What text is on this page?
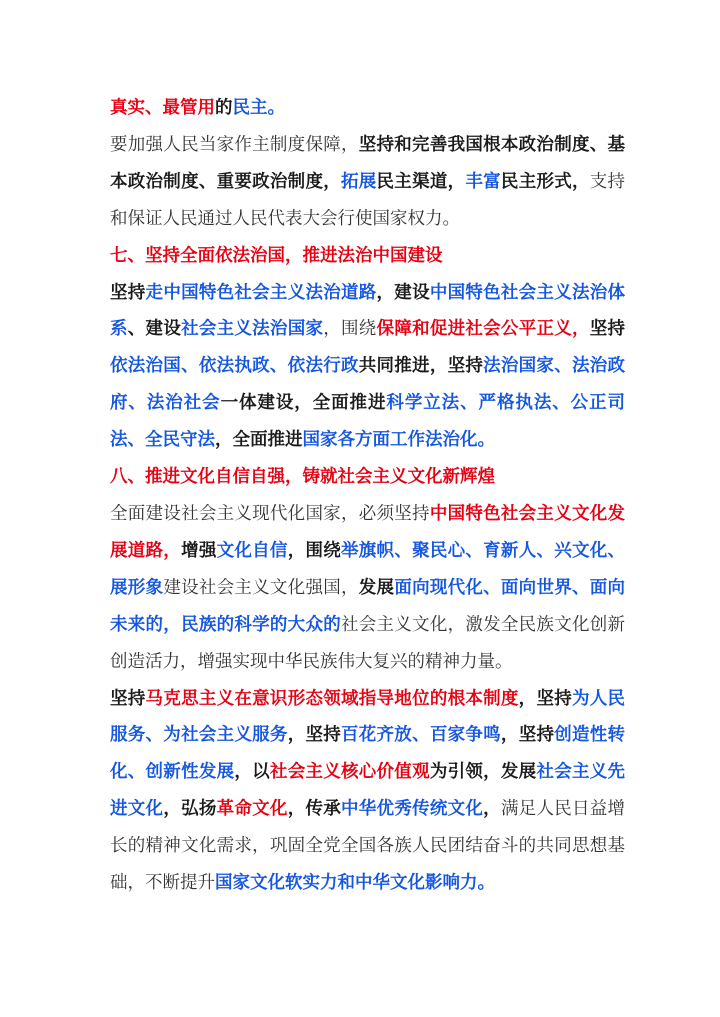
真实、最管用的民主。

要加强人民当家作主制度保障，坚持和完善我国根本政治制度、基本政治制度、重要政治制度，拓展民主渠道，丰富民主形式，支持和保证人民通过人民代表大会行使国家权力。

七、坚持全面依法治国，推进法治中国建设

坚持走中国特色社会主义法治道路，建设中国特色社会主义法治体系、建设社会主义法治国家，围绕保障和促进社会公平正义，坚持依法治国、依法执政、依法行政共同推进，坚持法治国家、法治政府、法治社会一体建设，全面推进科学立法、严格执法、公正司法、全民守法，全面推进国家各方面工作法治化。

八、推进文化自信自强，铸就社会主义文化新辉煌

全面建设社会主义现代化国家，必须坚持中国特色社会主义文化发展道路，增强文化自信，围绕举旗帜、聚民心、育新人、兴文化、展形象建设社会主义文化强国，发展面向现代化、面向世界、面向未来的，民族的科学的大众的社会主义文化，激发全民族文化创新创造活力，增强实现中华民族伟大复兴的精神力量。

坚持马克思主义在意识形态领域指导地位的根本制度，坚持为人民服务、为社会主义服务，坚持百花齐放、百家争鸣，坚持创造性转化、创新性发展，以社会主义核心价值观为引领，发展社会主义先进文化，弘扬革命文化，传承中华优秀传统文化，满足人民日益增长的精神文化需求，巩固全党全国各族人民团结奋斗的共同思想基础，不断提升国家文化软实力和中华文化影响力。
